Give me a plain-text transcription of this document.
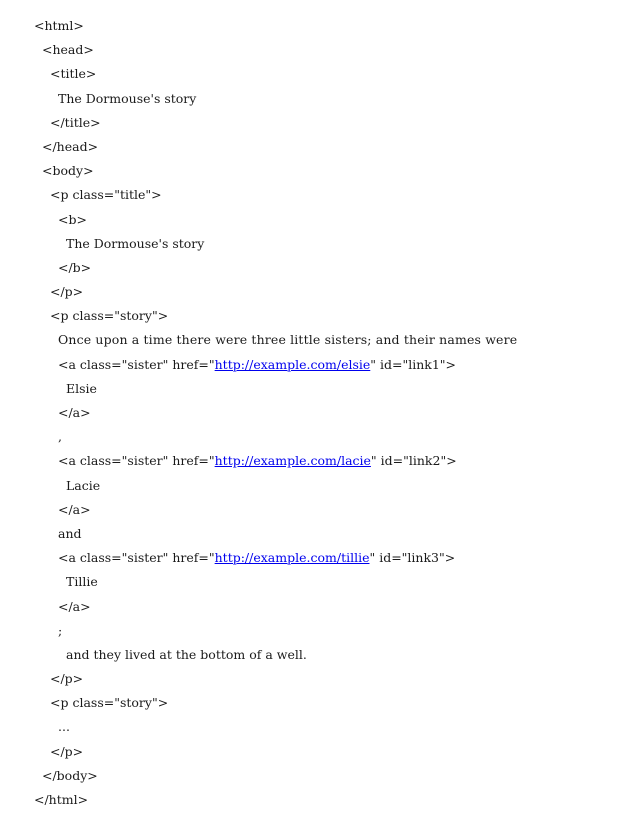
<html>
<head>
<title>
The Dormouse's story
</title>
</head>
<body>
<p class="title">
<b>
The Dormouse's story
</b>
</p>
<p class="story">
Once upon a time there were three little sisters; and their names were
<a class="sister" href="http://example.com/elsie" id="link1">
Elsie
</a>
,
<a class="sister" href="http://example.com/lacie" id="link2">
Lacie
</a>
and
<a class="sister" href="http://example.com/tillie" id="link3">
Tillie
</a>
;
and they lived at the bottom of a well.
</p>
<p class="story">
...
</p>
</body>
</html>
